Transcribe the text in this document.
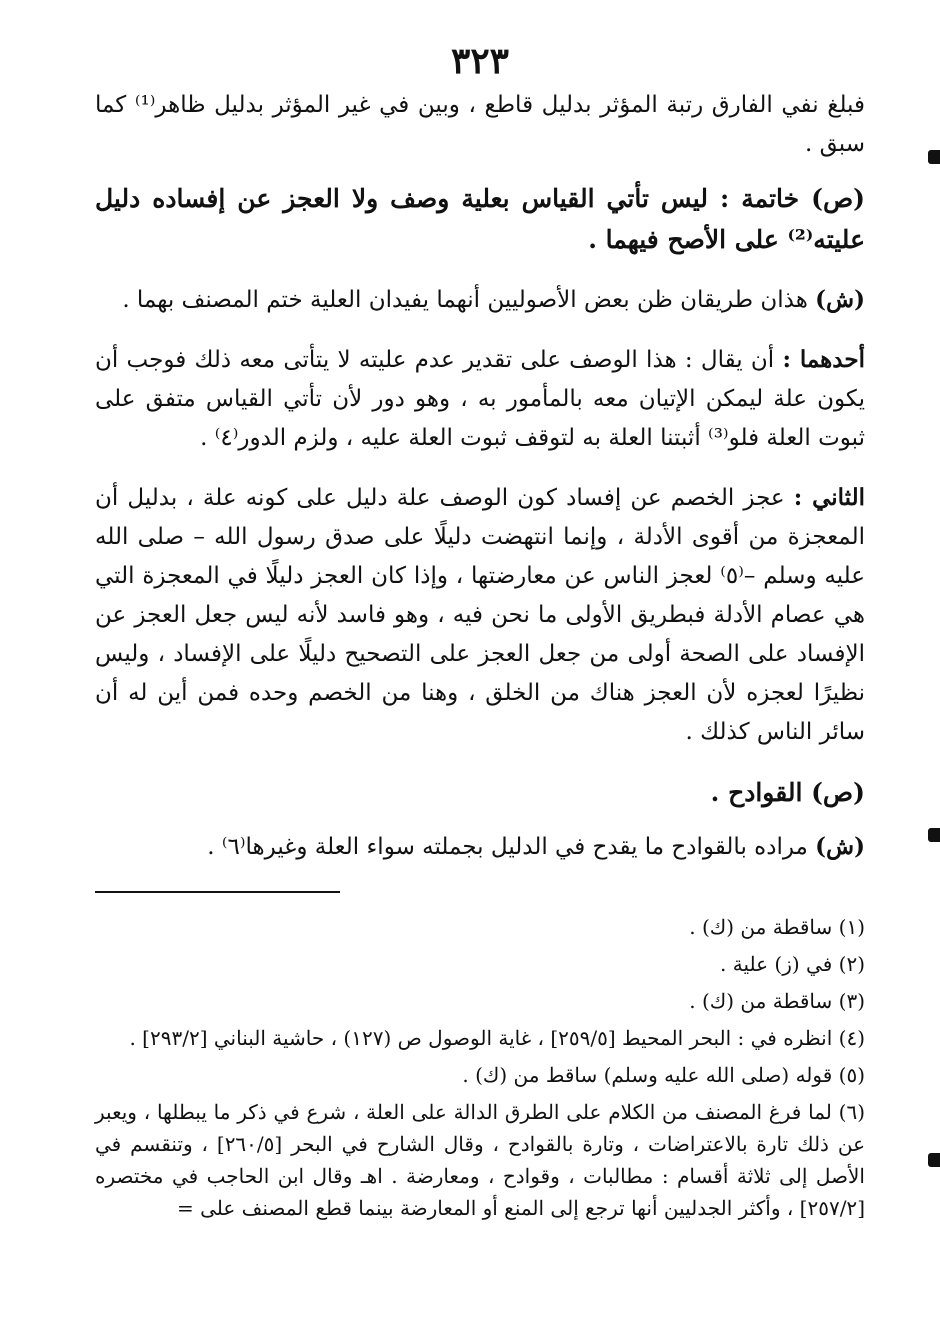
٣٢٣

فبلغ نفي الفارق رتبة المؤثر بدليل قاطع ، وبين في غير المؤثر بدليل ظاهر⁽¹⁾ كما سبق .

(ص) خاتمة : ليس تأتي القياس بعلية وصف ولا العجز عن إفساده دليل عليته⁽²⁾ على الأصح فيهما .

(ش) هذان طريقان ظن بعض الأصوليين أنهما يفيدان العلية ختم المصنف بهما .

أحدهما : أن يقال : هذا الوصف على تقدير عدم عليته لا يتأتى معه ذلك فوجب أن يكون علة ليمكن الإتيان معه بالمأمور به ، وهو دور لأن تأتي القياس متفق على ثبوت العلة فلو⁽³⁾ أثبتنا العلة به لتوقف ثبوت العلة عليه ، ولزم الدور⁽٤⁾ .

الثاني : عجز الخصم عن إفساد كون الوصف علة دليل على كونه علة ، بدليل أن المعجزة من أقوى الأدلة ، وإنما انتهضت دليلًا على صدق رسول الله – صلى الله عليه وسلم –⁽٥⁾ لعجز الناس عن معارضتها ، وإذا كان العجز دليلًا في المعجزة التي هي عصام الأدلة فبطريق الأولى ما نحن فيه ، وهو فاسد لأنه ليس جعل العجز عن الإفساد على الصحة أولى من جعل العجز على التصحيح دليلًا على الإفساد ، وليس نظيرًا لعجزه لأن العجز هناك من الخلق ، وهنا من الخصم وحده فمن أين له أن سائر الناس كذلك .

(ص) القوادح .

(ش) مراده بالقوادح ما يقدح في الدليل بجملته سواء العلة وغيرها⁽٦⁾ .

(١) ساقطة من (ك) .

(٢) في (ز) علية .

(٣) ساقطة من (ك) .

(٤) انظره في : البحر المحيط [٢٥٩/٥] ، غاية الوصول ص (١٢٧) ، حاشية البناني [٢٩٣/٢] .

(٥) قوله (صلى الله عليه وسلم) ساقط من (ك) .

(٦) لما فرغ المصنف من الكلام على الطرق الدالة على العلة ، شرع في ذكر ما يبطلها ، ويعبر عن ذلك تارة بالاعتراضات ، وتارة بالقوادح ، وقال الشارح في البحر [٢٦٠/٥] ، وتنقسم في الأصل إلى ثلاثة أقسام : مطالبات ، وقوادح ، ومعارضة . اهـ وقال ابن الحاجب في مختصره [٢٥٧/٢] ، وأكثر الجدليين أنها ترجع إلى المنع أو المعارضة بينما قطع المصنف على =
